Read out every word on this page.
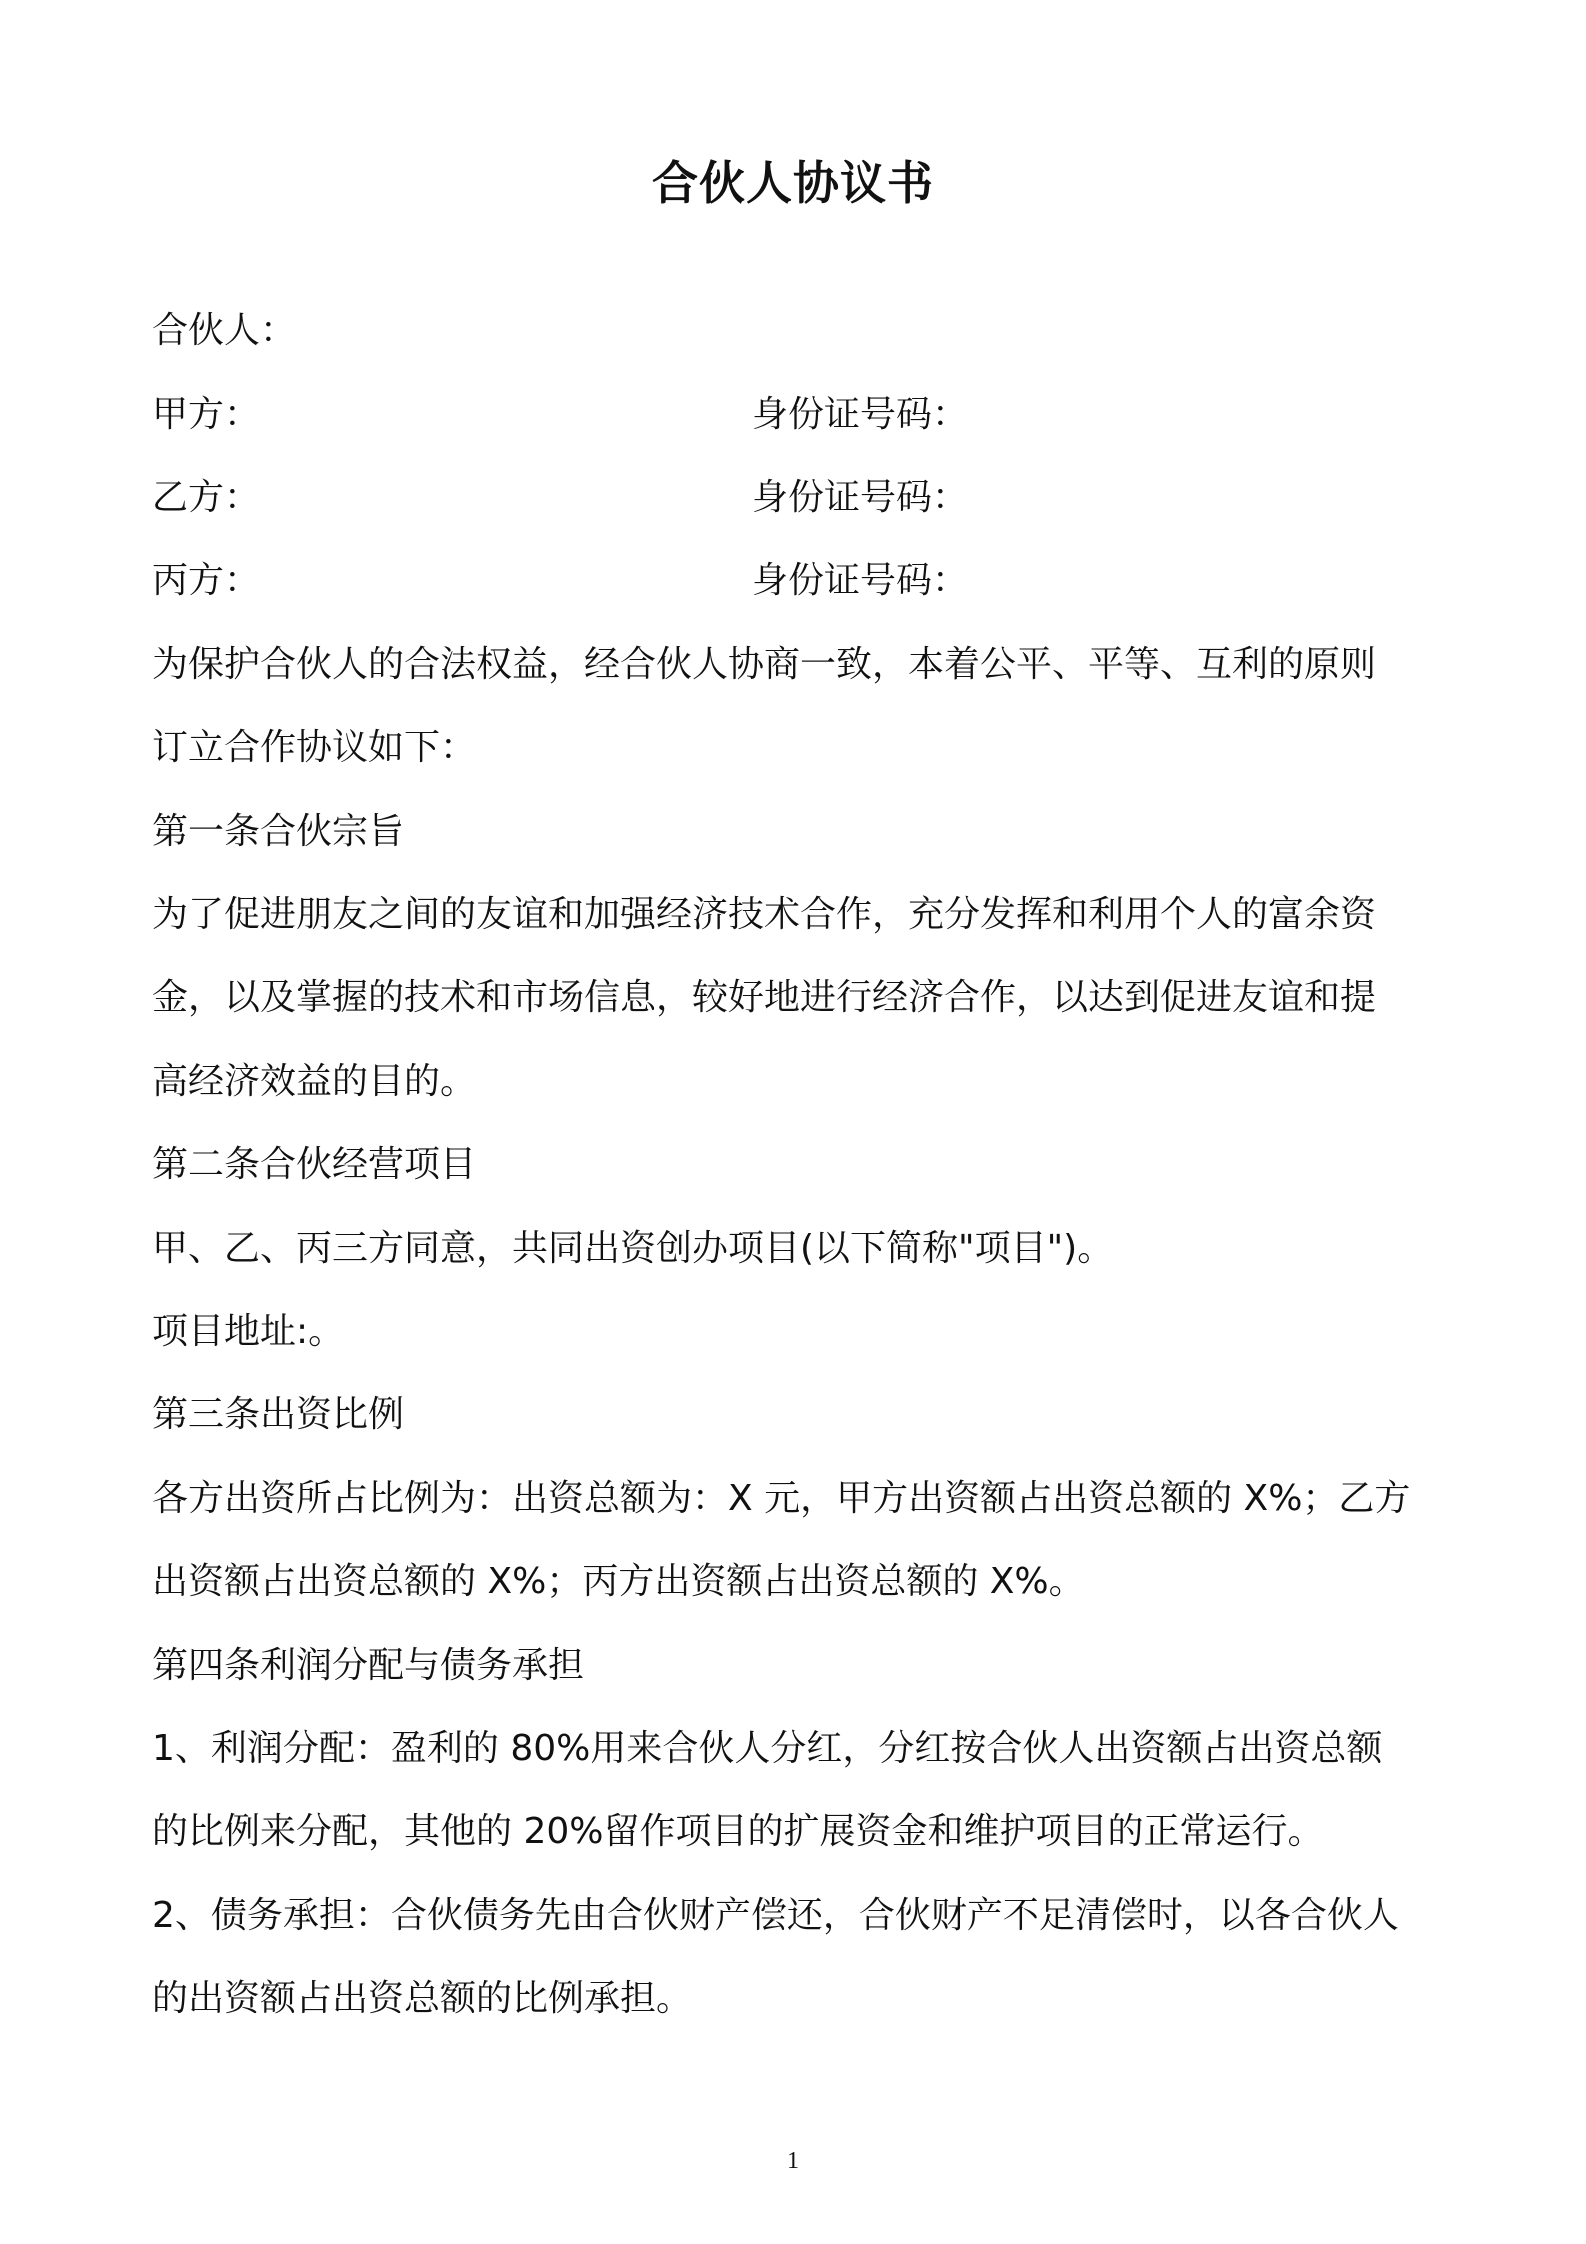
合伙人协议书
合伙人：
甲方：	身份证号码：
乙方：	身份证号码：
丙方：	身份证号码：
为保护合伙人的合法权益，经合伙人协商一致，本着公平、平等、互利的原则
订立合作协议如下：
第一条合伙宗旨
为了促进朋友之间的友谊和加强经济技术合作，充分发挥和利用个人的富余资
金，以及掌握的技术和市场信息，较好地进行经济合作，以达到促进友谊和提
高经济效益的目的。
第二条合伙经营项目
甲、乙、丙三方同意，共同出资创办项目(以下简称"项目")。
项目地址:。
第三条出资比例
各方出资所占比例为：出资总额为：X 元，甲方出资额占出资总额的 X%；乙方
出资额占出资总额的 X%；丙方出资额占出资总额的 X%。
第四条利润分配与债务承担
1、利润分配：盈利的 80%用来合伙人分红，分红按合伙人出资额占出资总额
的比例来分配，其他的 20%留作项目的扩展资金和维护项目的正常运行。
2、债务承担：合伙债务先由合伙财产偿还，合伙财产不足清偿时，以各合伙人
的出资额占出资总额的比例承担。
1
